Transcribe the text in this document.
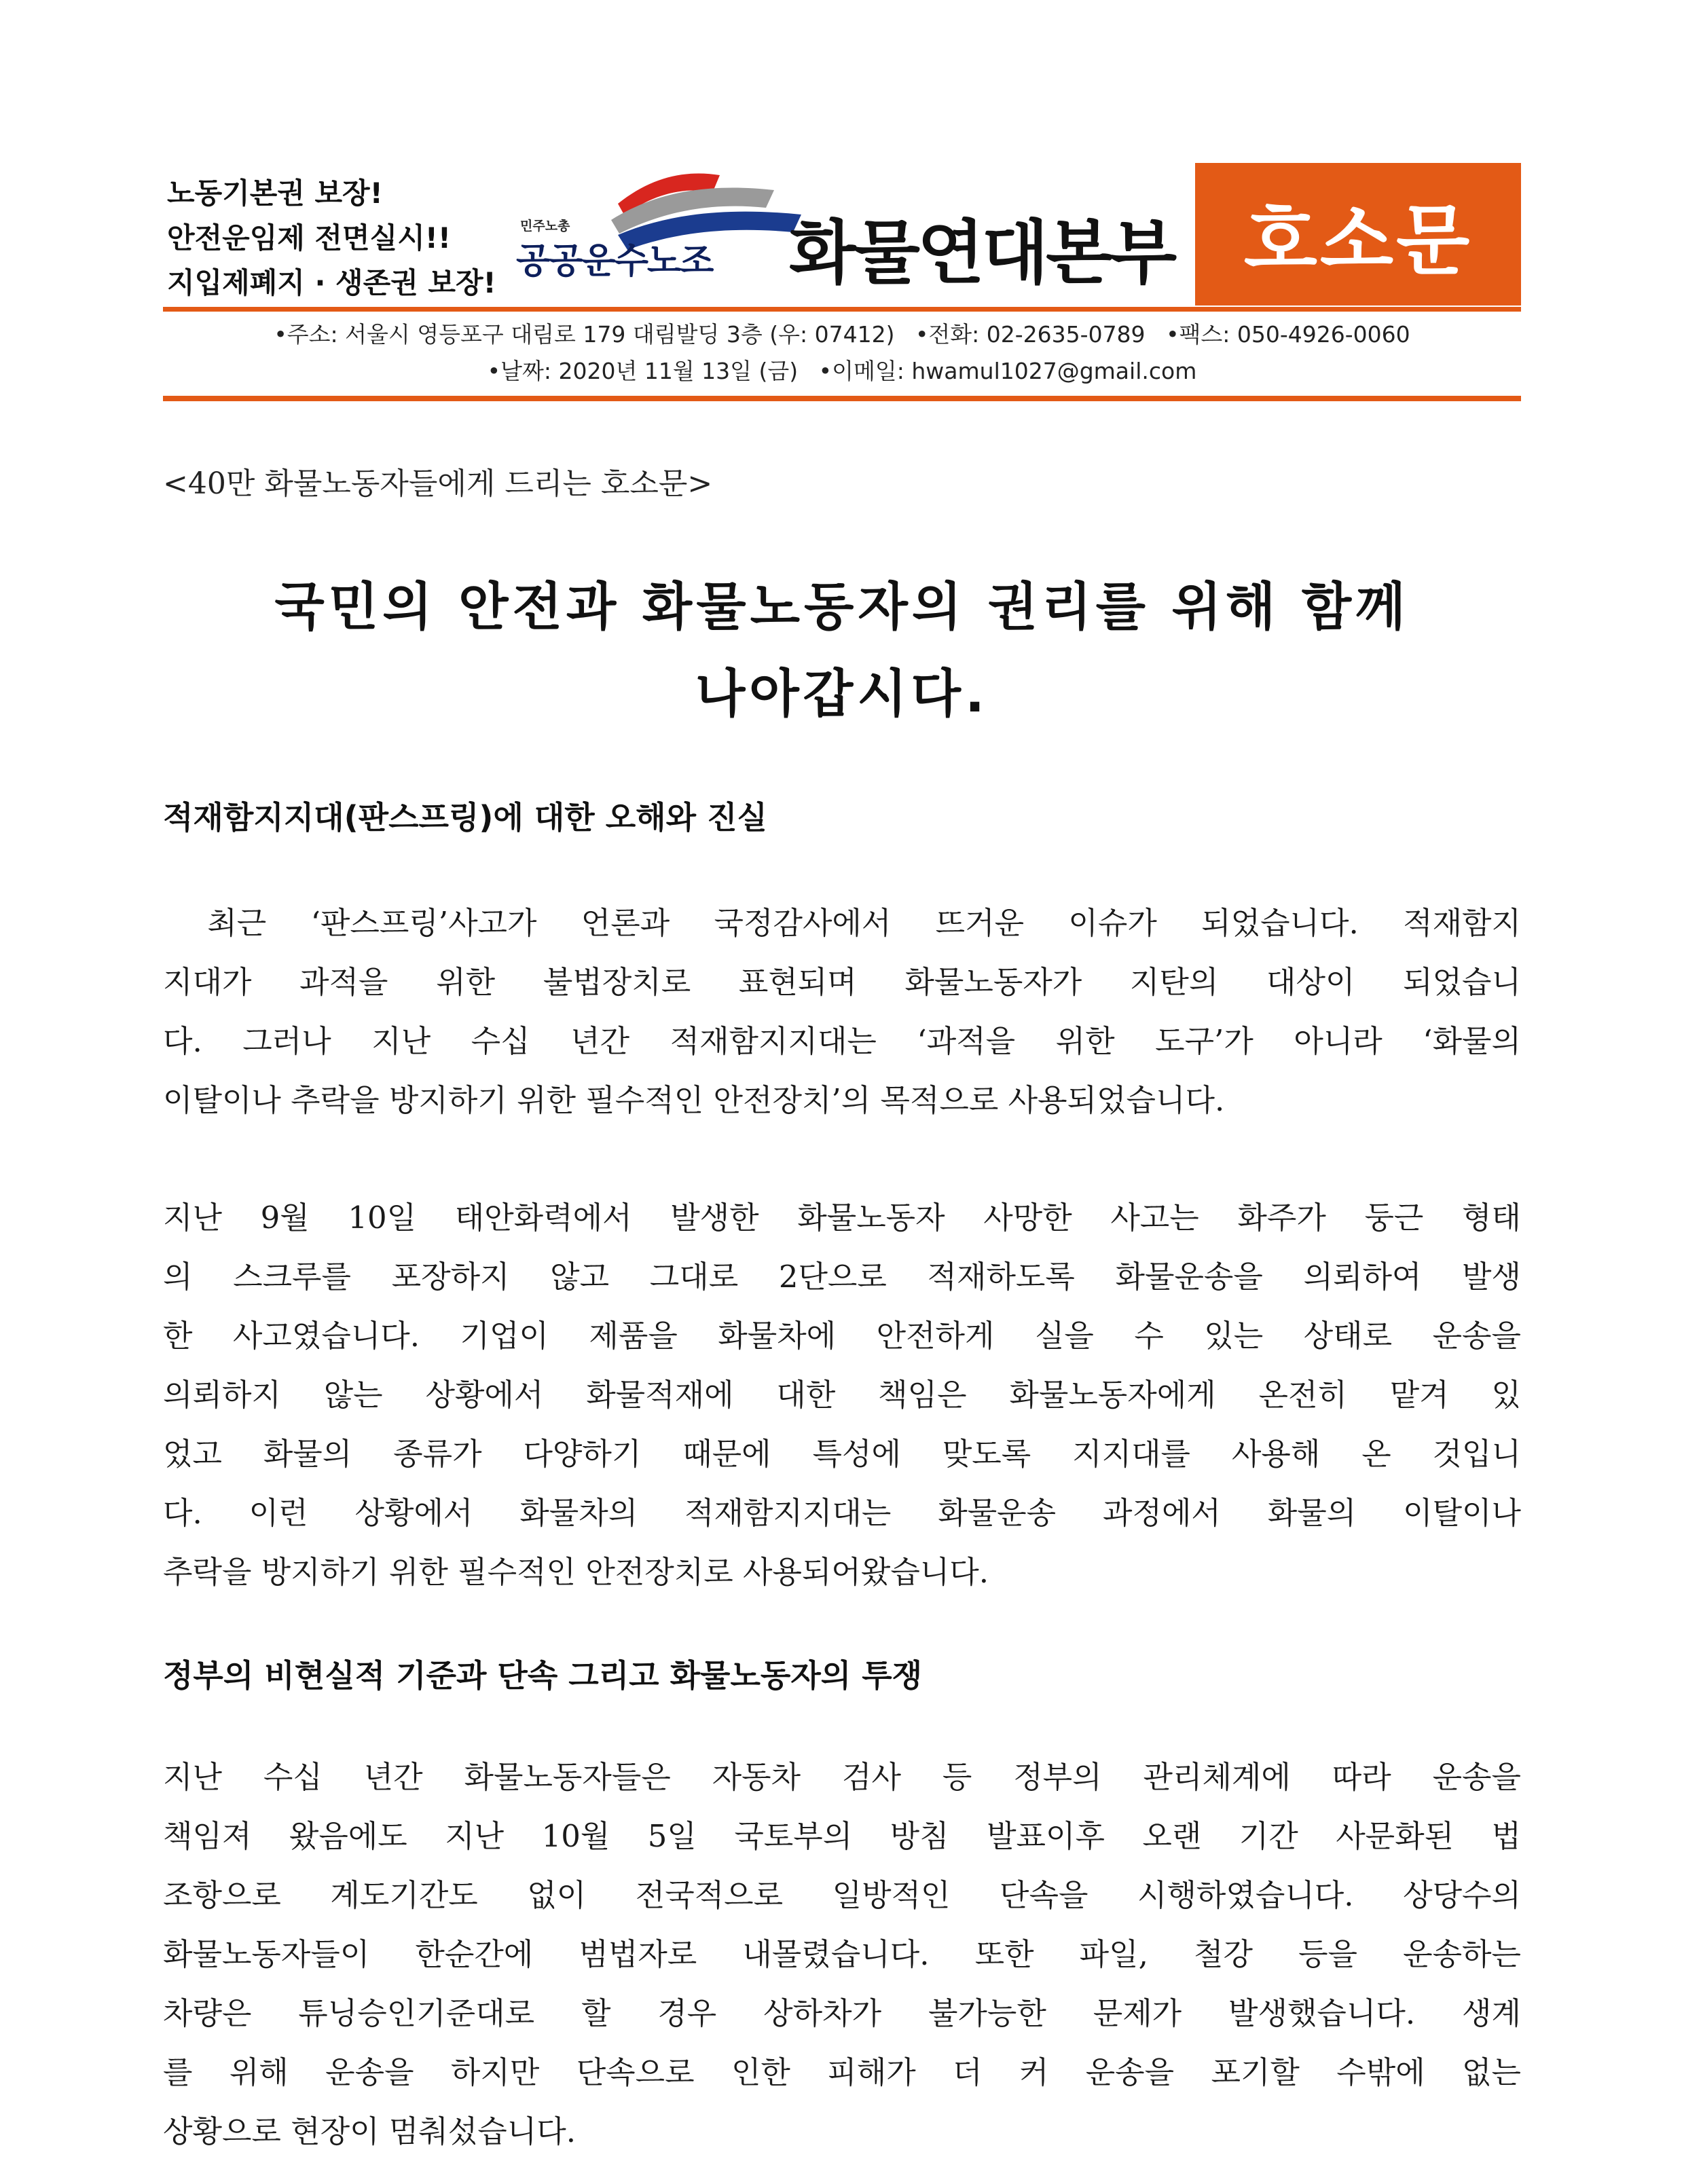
노동기본권 보장!
안전운임제 전면실시!!
지입제폐지 · 생존권 보장!
민주노총
공공운수노조 화물연대본부 호소문
•주소: 서울시 영등포구 대림로 179 대림발딩 3층 (우: 07412) •전화: 02-2635-0789 •팩스: 050-4926-0060
•날짜: 2020년 11월 13일 (금) •이메일: hwamul1027@gmail.com
<40만 화물노동자들에게 드리는 호소문>
국민의 안전과 화물노동자의 권리를 위해 함께
나아갑시다.
적재함지지대(판스프링)에 대한 오해와 진실
최근 ‘판스프링’사고가 언론과 국정감사에서 뜨거운 이슈가 되었습니다. 적재함지
지대가 과적을 위한 불법장치로 표현되며 화물노동자가 지탄의 대상이 되었습니
다. 그러나 지난 수십 년간 적재함지지대는 ‘과적을 위한 도구’가 아니라 ‘화물의
이탈이나 추락을 방지하기 위한 필수적인 안전장치’의 목적으로 사용되었습니다.
지난 9월 10일 태안화력에서 발생한 화물노동자 사망한 사고는 화주가 둥근 형태
의 스크루를 포장하지 않고 그대로 2단으로 적재하도록 화물운송을 의뢰하여 발생
한 사고였습니다. 기업이 제품을 화물차에 안전하게 실을 수 있는 상태로 운송을
의뢰하지 않는 상황에서 화물적재에 대한 책임은 화물노동자에게 온전히 맡겨 있
었고 화물의 종류가 다양하기 때문에 특성에 맞도록 지지대를 사용해 온 것입니
다. 이런 상황에서 화물차의 적재함지지대는 화물운송 과정에서 화물의 이탈이나
추락을 방지하기 위한 필수적인 안전장치로 사용되어왔습니다.
정부의 비현실적 기준과 단속 그리고 화물노동자의 투쟁
지난 수십 년간 화물노동자들은 자동차 검사 등 정부의 관리체계에 따라 운송을
책임져 왔음에도 지난 10월 5일 국토부의 방침 발표이후 오랜 기간 사문화된 법
조항으로 계도기간도 없이 전국적으로 일방적인 단속을 시행하였습니다. 상당수의
화물노동자들이 한순간에 범법자로 내몰렸습니다. 또한 파일, 철강 등을 운송하는
차량은 튜닝승인기준대로 할 경우 상하차가 불가능한 문제가 발생했습니다. 생계
를 위해 운송을 하지만 단속으로 인한 피해가 더 커 운송을 포기할 수밖에 없는
상황으로 현장이 멈춰섰습니다.
